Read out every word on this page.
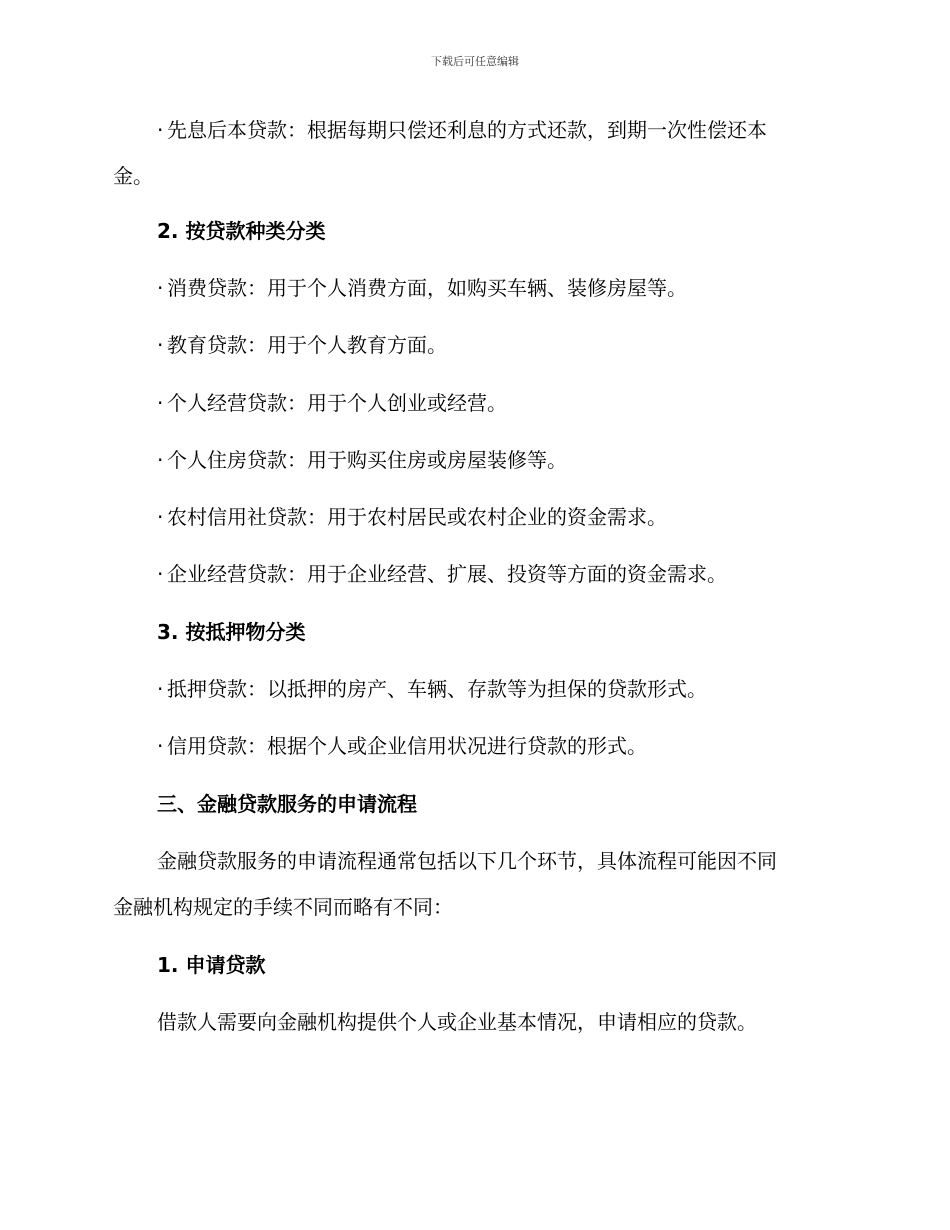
下载后可任意编辑
· 先息后本贷款：根据每期只偿还利息的方式还款，到期一次性偿还本
金。
2. 按贷款种类分类
· 消费贷款：用于个人消费方面，如购买车辆、装修房屋等。
· 教育贷款：用于个人教育方面。
· 个人经营贷款：用于个人创业或经营。
· 个人住房贷款：用于购买住房或房屋装修等。
· 农村信用社贷款：用于农村居民或农村企业的资金需求。
· 企业经营贷款：用于企业经营、扩展、投资等方面的资金需求。
3. 按抵押物分类
· 抵押贷款：以抵押的房产、车辆、存款等为担保的贷款形式。
· 信用贷款：根据个人或企业信用状况进行贷款的形式。
三、金融贷款服务的申请流程
金融贷款服务的申请流程通常包括以下几个环节，具体流程可能因不同
金融机构规定的手续不同而略有不同：
1. 申请贷款
借款人需要向金融机构提供个人或企业基本情况，申请相应的贷款。
